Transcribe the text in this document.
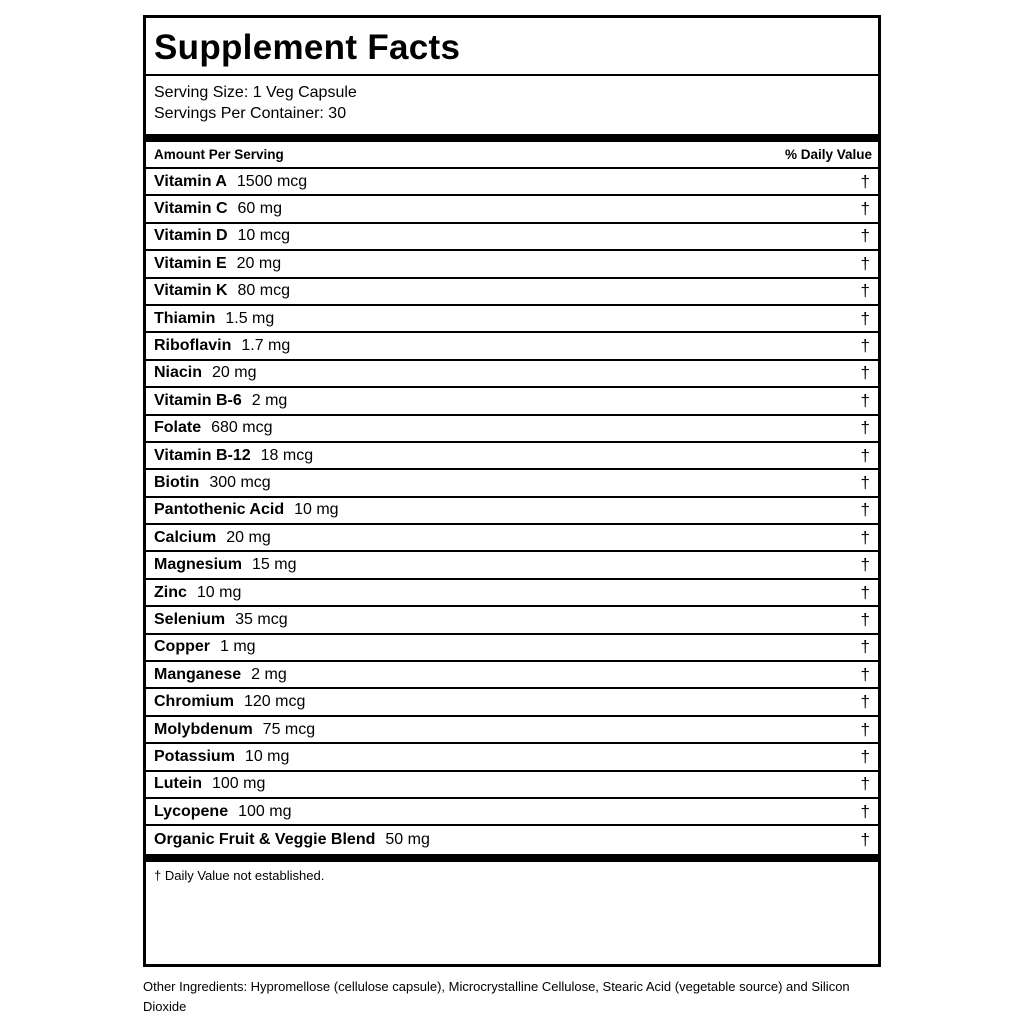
Supplement Facts
Serving Size: 1 Veg Capsule
Servings Per Container: 30
Amount Per Serving	% Daily Value
Vitamin A 1500 mcg	†
Vitamin C 60 mg	†
Vitamin D 10 mcg	†
Vitamin E 20 mg	†
Vitamin K 80 mcg	†
Thiamin 1.5 mg	†
Riboflavin 1.7 mg	†
Niacin 20 mg	†
Vitamin B-6 2 mg	†
Folate 680 mcg	†
Vitamin B-12 18 mcg	†
Biotin 300 mcg	†
Pantothenic Acid 10 mg	†
Calcium 20 mg	†
Magnesium 15 mg	†
Zinc 10 mg	†
Selenium 35 mcg	†
Copper 1 mg	†
Manganese 2 mg	†
Chromium 120 mcg	†
Molybdenum 75 mcg	†
Potassium 10 mg	†
Lutein 100 mg	†
Lycopene 100 mg	†
Organic Fruit & Veggie Blend 50 mg	†
† Daily Value not established.
Other Ingredients: Hypromellose (cellulose capsule), Microcrystalline Cellulose, Stearic Acid (vegetable source) and Silicon Dioxide
